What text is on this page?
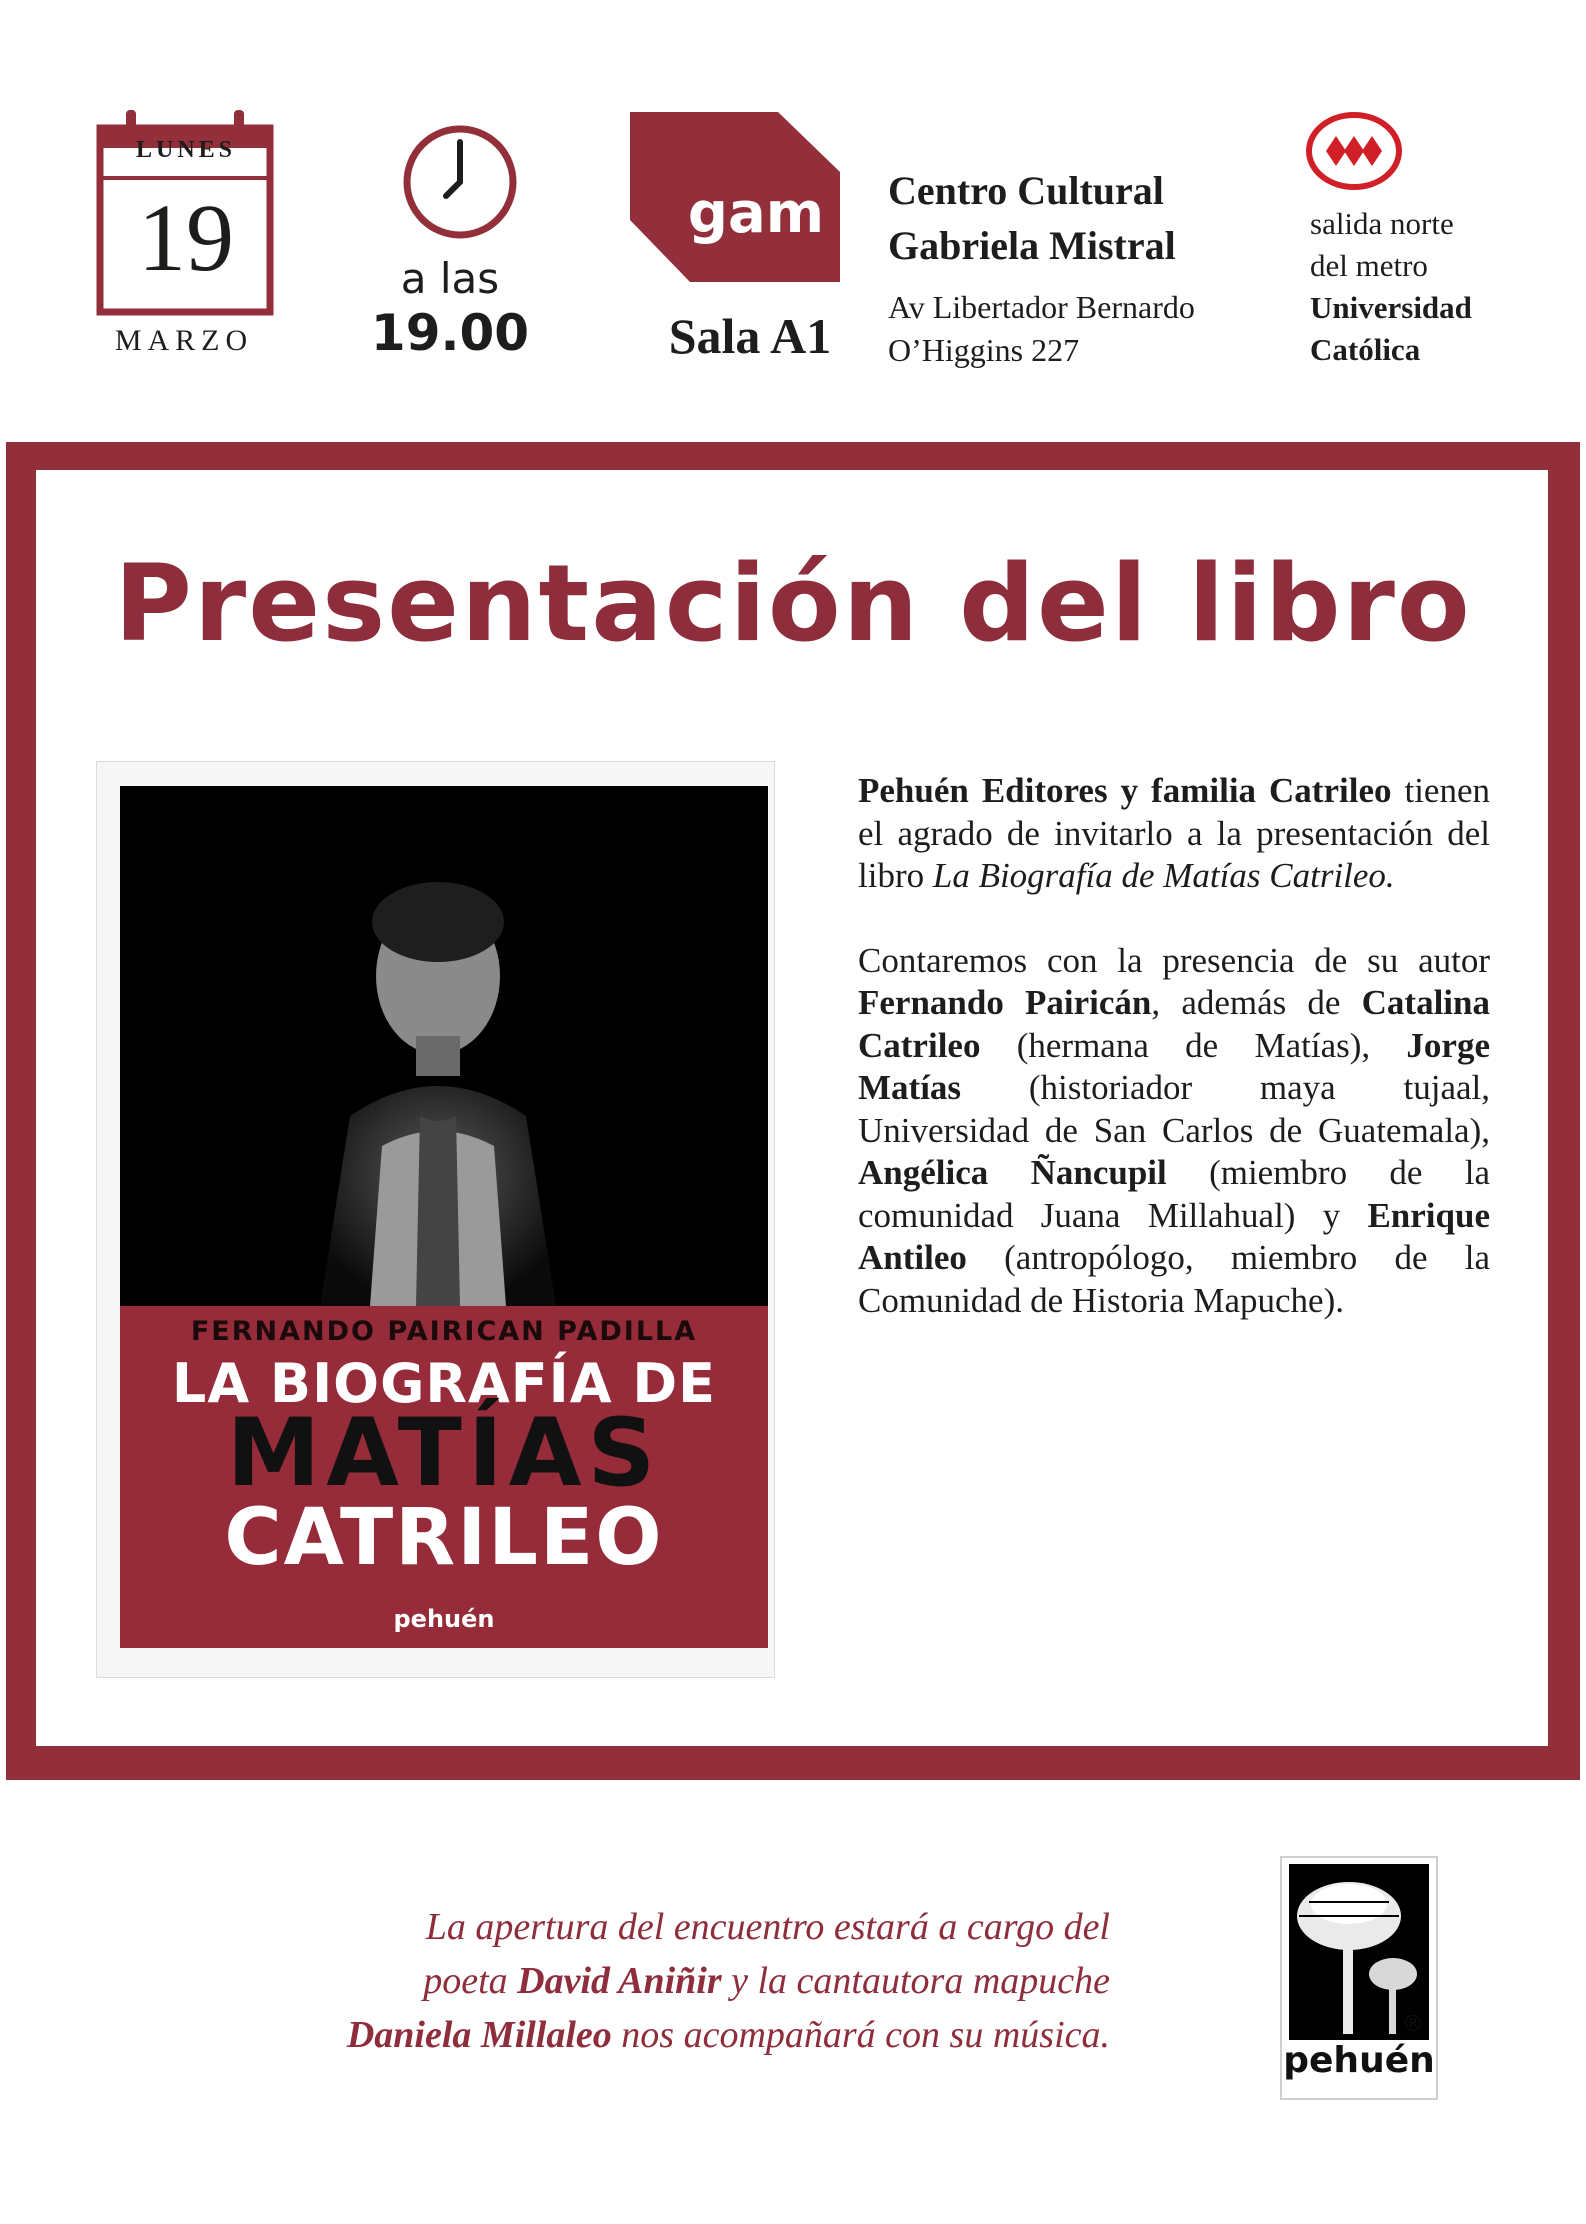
LUNES
19
MARZO
a las
19.00
gam
Sala A1
Centro Cultural
Gabriela Mistral
Av Libertador Bernardo
O’Higgins 227
salida norte
del metro
Universidad
Católica
Presentación del libro
FERNANDO PAIRICAN PADILLA
LA BIOGRAFÍA DE
MATÍAS
CATRILEO
pehuén

Pehuén Editores y familia Catrileo tienen el agrado de invitarlo a la presentación del libro La Biografía de Matías Catrileo.

Contaremos con la presencia de su autor Fernando Pairicán, además de Catalina Catrileo (hermana de Matías), Jorge Matías (historiador maya tujaal, Universidad de San Carlos de Guatemala), Angélica Ñancupil (miembro de la comunidad Juana Millahual) y Enrique Antileo (antropólogo, miembro de la Comunidad de Historia Mapuche).

La apertura del encuentro estará a cargo del
poeta David Aniñir y la cantautora mapuche
Daniela Millaleo nos acompañará con su música.	®
pehuén
